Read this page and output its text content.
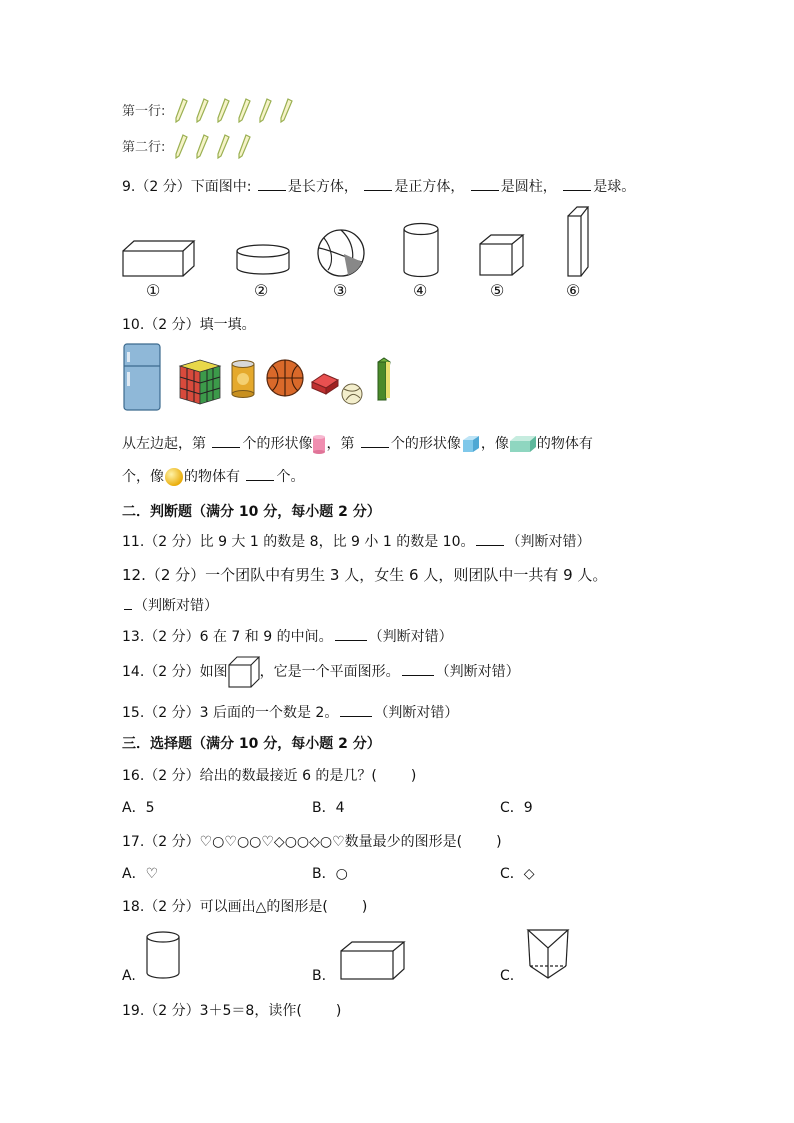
第一行:
第二行:
9.（2 分）下面图中:	是长方体，	是正方体，	是圆柱，	是球。
①	②	③	④	⑤	⑥
10.（2 分）填一填。
从左边起，第	个的形状像 ，第	个的形状像 ，像 的物体有
个，像 的物体有	个。
二．判断题（满分 10 分，每小题 2 分）
11.（2 分）比 9 大 1 的数是 8，比 9 小 1 的数是 10。 （判断对错）
12.（2 分）一个团队中有男生 3 人，女生 6 人，则团队中一共有 9 人。
（判断对错）
13.（2 分）6 在 7 和 9 的中间。	（判断对错）
14.（2 分）如图 ，它是一个平面图形。	（判断对错）
15.（2 分）3 后面的一个数是 2。	（判断对错）
三．选择题（满分 10 分，每小题 2 分）
16.（2 分）给出的数最接近 6 的是几？( )
A．5	B．4	C．9
17.（2 分）♡○♡○○♡◇○○◇○♡数量最少的图形是( )
A．♡	B．○	C．◇
18.（2 分）可以画出△的图形是( )
A.	B.	C.
19.（2 分）3＋5＝8，读作( )
